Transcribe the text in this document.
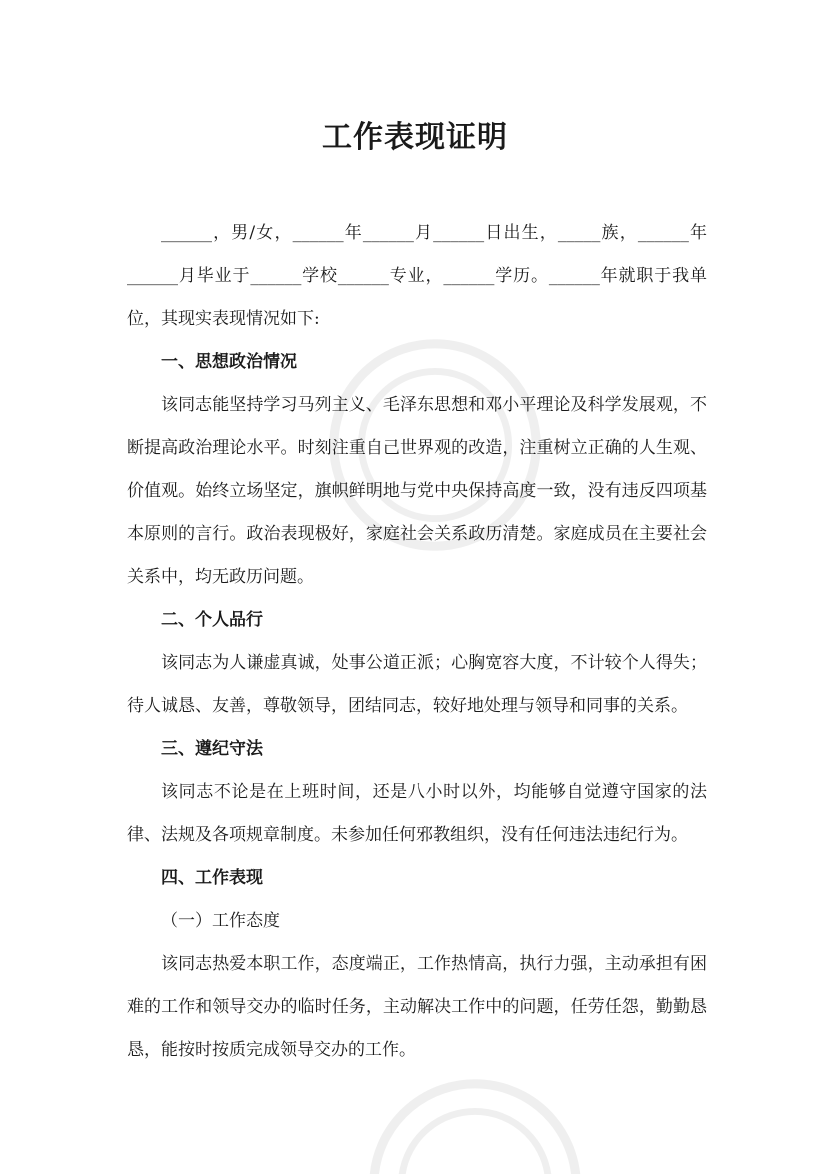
工作表现证明

______，男/女，______年______月______日出生，_____族，______年______月毕业于______学校______专业，______学历。______年就职于我单位，其现实表现情况如下:

一、思想政治情况

该同志能坚持学习马列主义、毛泽东思想和邓小平理论及科学发展观，不断提高政治理论水平。时刻注重自己世界观的改造，注重树立正确的人生观、价值观。始终立场坚定，旗帜鲜明地与党中央保持高度一致，没有违反四项基本原则的言行。政治表现极好，家庭社会关系政历清楚。家庭成员在主要社会关系中，均无政历问题。

二、个人品行

该同志为人谦虚真诚，处事公道正派；心胸宽容大度，不计较个人得失；待人诚恳、友善，尊敬领导，团结同志，较好地处理与领导和同事的关系。

三、遵纪守法

该同志不论是在上班时间，还是八小时以外，均能够自觉遵守国家的法律、法规及各项规章制度。未参加任何邪教组织，没有任何违法违纪行为。

四、工作表现

（一）工作态度

该同志热爱本职工作，态度端正，工作热情高，执行力强，主动承担有困难的工作和领导交办的临时任务，主动解决工作中的问题，任劳任怨，勤勤恳恳，能按时按质完成领导交办的工作。
